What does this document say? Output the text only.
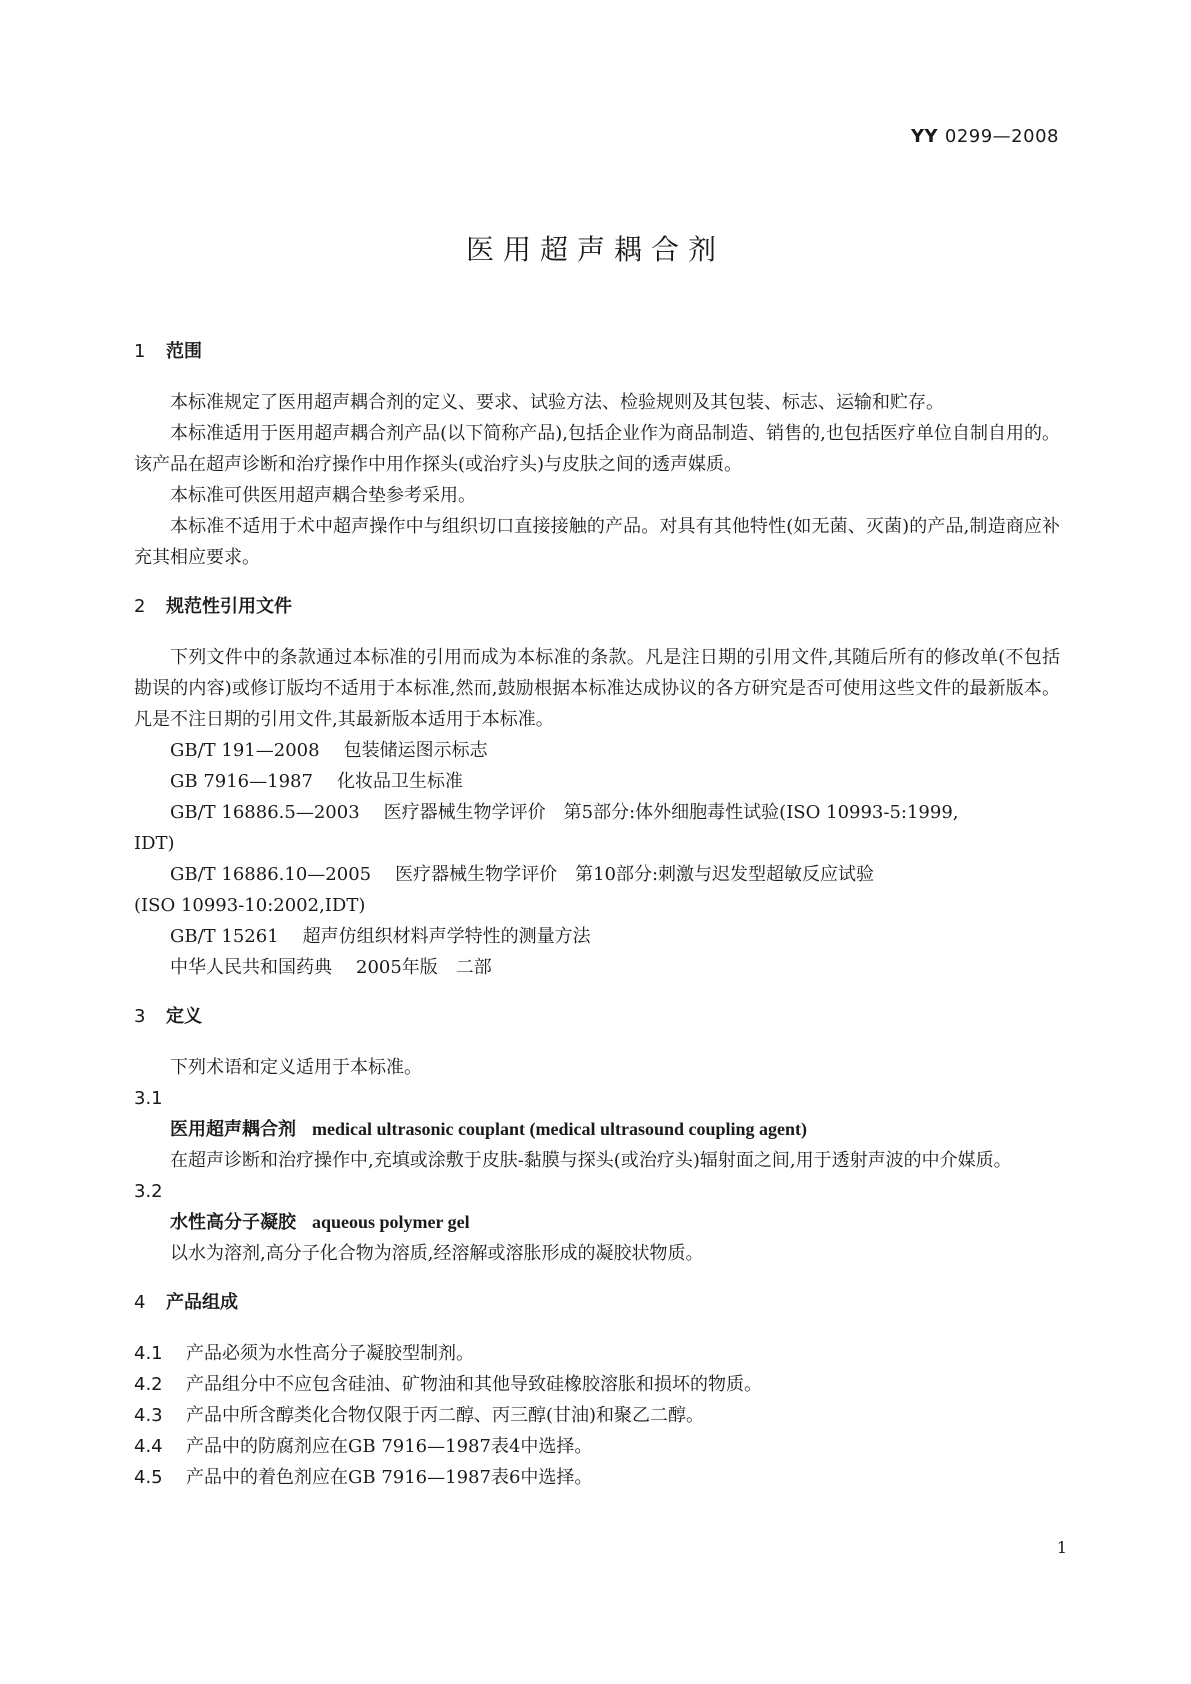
YY 0299—2008
医用超声耦合剂

1 范围

本标准规定了医用超声耦合剂的定义、要求、试验方法、检验规则及其包装、标志、运输和贮存。

本标准适用于医用超声耦合剂产品(以下简称产品),包括企业作为商品制造、销售的,也包括医疗单位自制自用的。该产品在超声诊断和治疗操作中用作探头(或治疗头)与皮肤之间的透声媒质。

本标准可供医用超声耦合垫参考采用。

本标准不适用于术中超声操作中与组织切口直接接触的产品。对具有其他特性(如无菌、灭菌)的产品,制造商应补充其相应要求。

2 规范性引用文件

下列文件中的条款通过本标准的引用而成为本标准的条款。凡是注日期的引用文件,其随后所有的修改单(不包括勘误的内容)或修订版均不适用于本标准,然而,鼓励根据本标准达成协议的各方研究是否可使用这些文件的最新版本。凡是不注日期的引用文件,其最新版本适用于本标准。

GB/T 191—2008 包装储运图示标志

GB 7916—1987 化妆品卫生标准

GB/T 16886.5—2003 医疗器械生物学评价　第5部分:体外细胞毒性试验(ISO 10993-5:1999,

IDT)

GB/T 16886.10—2005 医疗器械生物学评价　第10部分:刺激与迟发型超敏反应试验

(ISO 10993-10:2002,IDT)

GB/T 15261 超声仿组织材料声学特性的测量方法

中华人民共和国药典 2005年版　二部

3 定义

下列术语和定义适用于本标准。

3.1

医用超声耦合剂 medical ultrasonic couplant (medical ultrasound coupling agent)

在超声诊断和治疗操作中,充填或涂敷于皮肤-黏膜与探头(或治疗头)辐射面之间,用于透射声波的中介媒质。

3.2

水性高分子凝胶 aqueous polymer gel

以水为溶剂,高分子化合物为溶质,经溶解或溶胀形成的凝胶状物质。

4 产品组成

4.1 产品必须为水性高分子凝胶型制剂。

4.2 产品组分中不应包含硅油、矿物油和其他导致硅橡胶溶胀和损坏的物质。

4.3 产品中所含醇类化合物仅限于丙二醇、丙三醇(甘油)和聚乙二醇。

4.4 产品中的防腐剂应在GB 7916—1987表4中选择。

4.5 产品中的着色剂应在GB 7916—1987表6中选择。

1
